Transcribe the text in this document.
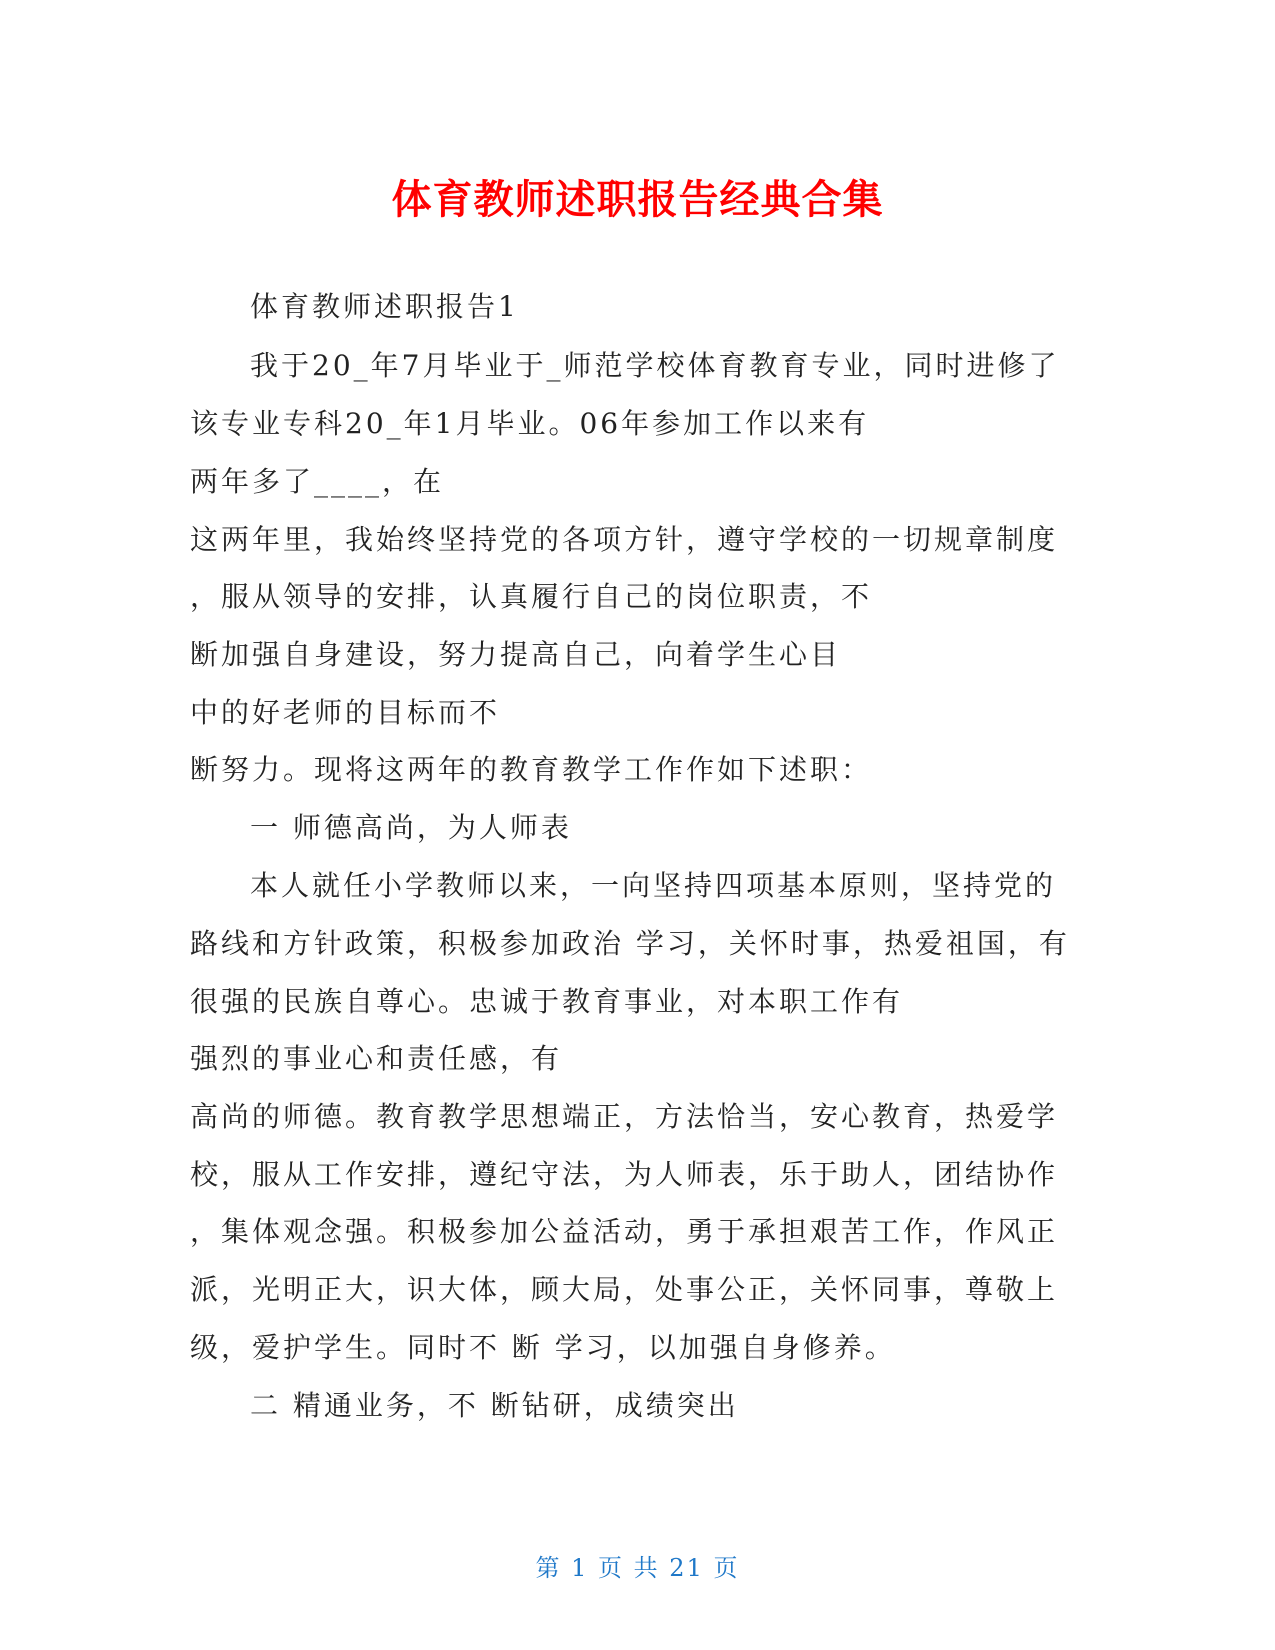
体育教师述职报告经典合集
体育教师述职报告1
我于20_年7月毕业于_师范学校体育教育专业，同时进修了
该专业专科20_年1月毕业。06年参加工作以来有
两年多了____，在
这两年里，我始终坚持党的各项方针，遵守学校的一切规章制度
，服从领导的安排，认真履行自己的岗位职责，不
断加强自身建设，努力提高自己，向着学生心目
中的好老师的目标而不
断努力。现将这两年的教育教学工作作如下述职：
一 师德高尚，为人师表
本人就任小学教师以来，一向坚持四项基本原则，坚持党的
路线和方针政策，积极参加政治 学习，关怀时事，热爱祖国，有
很强的民族自尊心。忠诚于教育事业，对本职工作有
强烈的事业心和责任感，有
高尚的师德。教育教学思想端正，方法恰当，安心教育，热爱学
校，服从工作安排，遵纪守法，为人师表，乐于助人，团结协作
，集体观念强。积极参加公益活动，勇于承担艰苦工作，作风正
派，光明正大，识大体，顾大局，处事公正，关怀同事，尊敬上
级，爱护学生。同时不 断 学习，以加强自身修养。
二 精通业务，不 断钻研，成绩突出
第 1 页 共 21 页
